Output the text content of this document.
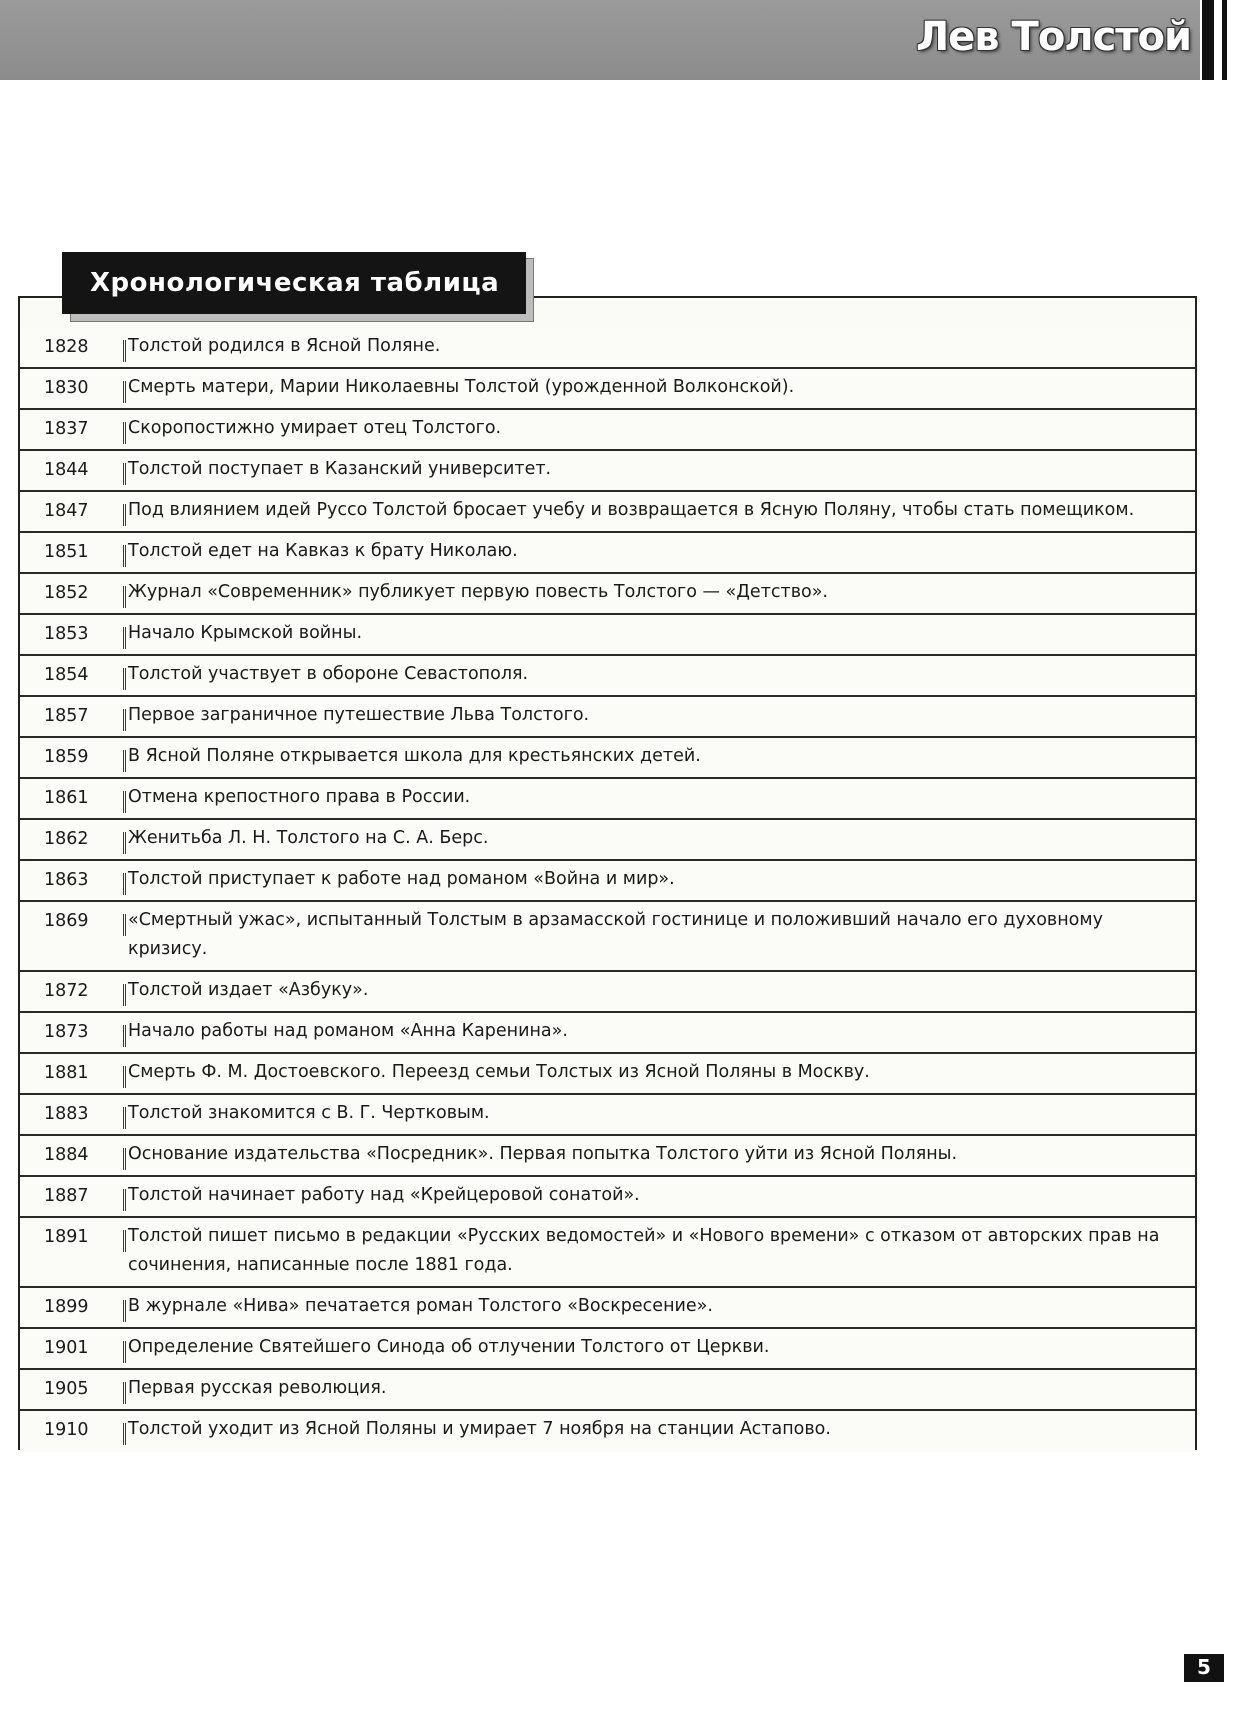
Лев Толстой
Хронологическая таблица
1828	Толстой родился в Ясной Поляне.
1830	Смерть матери, Марии Николаевны Толстой (урожденной Волконской).
1837	Скоропостижно умирает отец Толстого.
1844	Толстой поступает в Казанский университет.
1847	Под влиянием идей Руссо Толстой бросает учебу и возвращается в Ясную Поляну, чтобы стать помещиком.
1851	Толстой едет на Кавказ к брату Николаю.
1852	Журнал «Современник» публикует первую повесть Толстого — «Детство».
1853	Начало Крымской войны.
1854	Толстой участвует в обороне Севастополя.
1857	Первое заграничное путешествие Льва Толстого.
1859	В Ясной Поляне открывается школа для крестьянских детей.
1861	Отмена крепостного права в России.
1862	Женитьба Л. Н. Толстого на С. А. Берс.
1863	Толстой приступает к работе над романом «Война и мир».
1869	«Смертный ужас», испытанный Толстым в арзамасской гостинице и положивший начало его духовному кризису.
1872	Толстой издает «Азбуку».
1873	Начало работы над романом «Анна Каренина».
1881	Смерть Ф. М. Достоевского. Переезд семьи Толстых из Ясной Поляны в Москву.
1883	Толстой знакомится с В. Г. Чертковым.
1884	Основание издательства «Посредник». Первая попытка Толстого уйти из Ясной Поляны.
1887	Толстой начинает работу над «Крейцеровой сонатой».
1891	Толстой пишет письмо в редакции «Русских ведомостей» и «Нового времени» с отказом от авторских прав на сочинения, написанные после 1881 года.
1899	В журнале «Нива» печатается роман Толстого «Воскресение».
1901	Определение Святейшего Синода об отлучении Толстого от Церкви.
1905	Первая русская революция.
1910	Толстой уходит из Ясной Поляны и умирает 7 ноября на станции Астапово.
5
